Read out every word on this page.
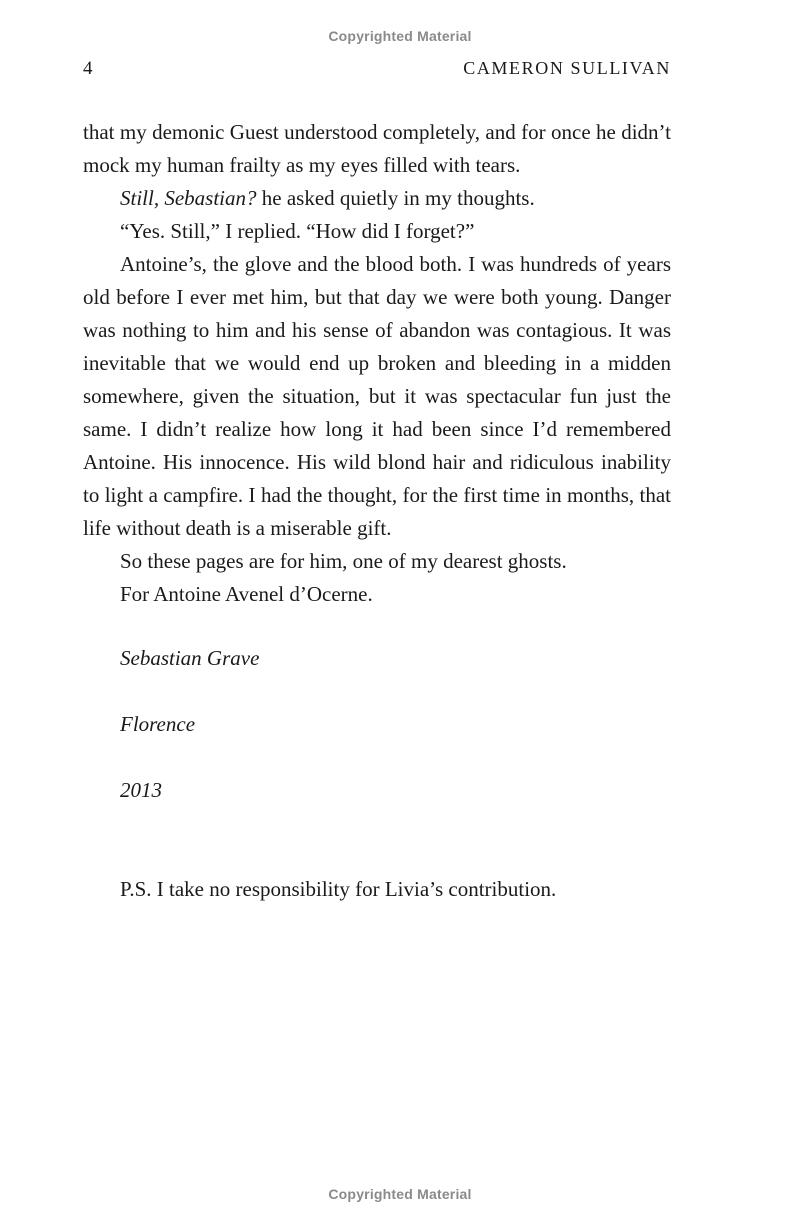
Copyrighted Material
4	CAMERON SULLIVAN

that my demonic Guest understood completely, and for once he didn’t mock my human frailty as my eyes filled with tears.

Still, Sebastian? he asked quietly in my thoughts.

“Yes. Still,” I replied. “How did I forget?”

Antoine’s, the glove and the blood both. I was hundreds of years old before I ever met him, but that day we were both young. Danger was nothing to him and his sense of abandon was contagious. It was inevitable that we would end up broken and bleeding in a midden somewhere, given the situation, but it was spectacular fun just the same. I didn’t realize how long it had been since I’d remembered Antoine. His innocence. His wild blond hair and ridiculous inability to light a campfire. I had the thought, for the first time in months, that life without death is a miserable gift.

So these pages are for him, one of my dearest ghosts.

For Antoine Avenel d’Ocerne.

Sebastian Grave
Florence
2013
P.S. I take no responsibility for Livia’s contribution.
Copyrighted Material
